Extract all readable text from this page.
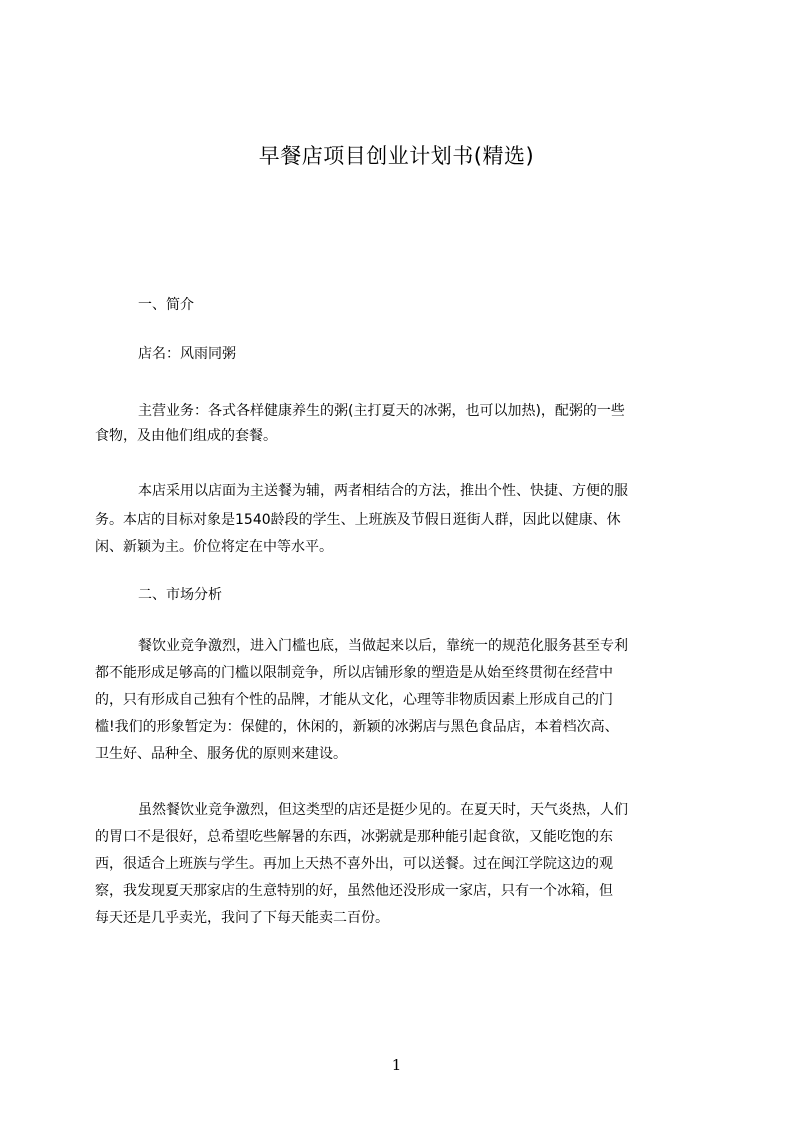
早餐店项目创业计划书(精选)
一、简介
店名：风雨同粥
主营业务：各式各样健康养生的粥(主打夏天的冰粥，也可以加热)，配粥的一些
食物，及由他们组成的套餐。
本店采用以店面为主送餐为辅，两者相结合的方法，推出个性、快捷、方便的服
务。本店的目标对象是1540龄段的学生、上班族及节假日逛街人群，因此以健康、休
闲、新颖为主。价位将定在中等水平。
二、市场分析
餐饮业竞争激烈，进入门槛也底，当做起来以后，靠统一的规范化服务甚至专利
都不能形成足够高的门槛以限制竞争，所以店铺形象的塑造是从始至终贯彻在经营中
的，只有形成自己独有个性的品牌，才能从文化，心理等非物质因素上形成自己的门
槛!我们的形象暂定为：保健的，休闲的，新颖的冰粥店与黑色食品店，本着档次高、
卫生好、品种全、服务优的原则来建设。
虽然餐饮业竞争激烈，但这类型的店还是挺少见的。在夏天时，天气炎热，人们
的胃口不是很好，总希望吃些解暑的东西，冰粥就是那种能引起食欲，又能吃饱的东
西，很适合上班族与学生。再加上天热不喜外出，可以送餐。过在闽江学院这边的观
察，我发现夏天那家店的生意特别的好，虽然他还没形成一家店，只有一个冰箱，但
每天还是几乎卖光，我问了下每天能卖二百份。
1
